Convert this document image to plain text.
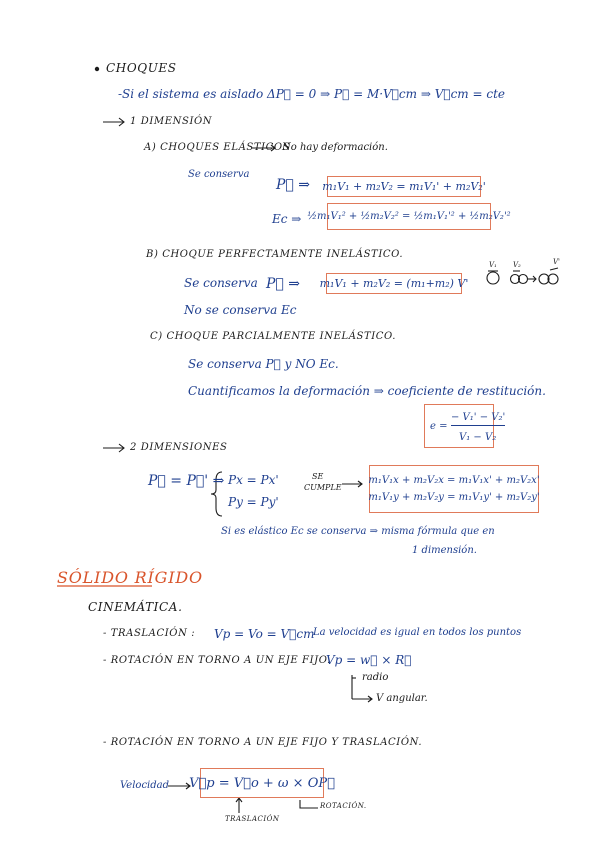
CHOQUES
-Si el sistema es aislado ΔP⃗ = 0 ⇒ P⃗ = M·V⃗cm ⇒ V⃗cm = cte
1 DIMENSIÓN
A) CHOQUES ELÁSTICOS
No hay deformación.
Se conserva
P⃗ ⇒ m₁V₁ + m₂V₂ = m₁V₁' + m₂V₂'
Ec ⇒ ½m₁V₁² + ½m₂V₂² = ½m₁V₁'² + ½m₂V₂'²
B) CHOQUE PERFECTAMENTE INELÁSTICO.
Se conserva P⃗ ⇒ m₁V₁ + m₂V₂ = (m₁+m₂) V'
No se conserva Ec
V₁ V₂	V'
C) CHOQUE PARCIALMENTE INELÁSTICO.
Se conserva P⃗ y NO Ec.
Cuantificamos la deformación ⇒ coeficiente de restitución.
e =
− V₁' − V₂'
V₁ − V₂
2 DIMENSIONES
P⃗ = P⃗' ⇒ Px = Px'
Py = Py'
SE
CUMPLE
m₁V₁x + m₂V₂x = m₁V₁x' + m₂V₂x'
m₁V₁y + m₂V₂y = m₁V₁y' + m₂V₂y'
Si es elástico Ec se conserva ⇒ misma fórmula que en
1 dimensión.
SÓLIDO RÍGIDO
CINEMÁTICA.
- TRASLACIÓN : Vp = Vo = V⃗cm
La velocidad es igual en todos los puntos
- ROTACIÓN EN TORNO A UN EJE FIJO.
Vp = w⃗ × R⃗
radio
V angular.
- ROTACIÓN EN TORNO A UN EJE FIJO Y TRASLACIÓN.
Velocidad V⃗p = V⃗o + ω × OP⃗
TRASLACIÓN
ROTACIÓN.
